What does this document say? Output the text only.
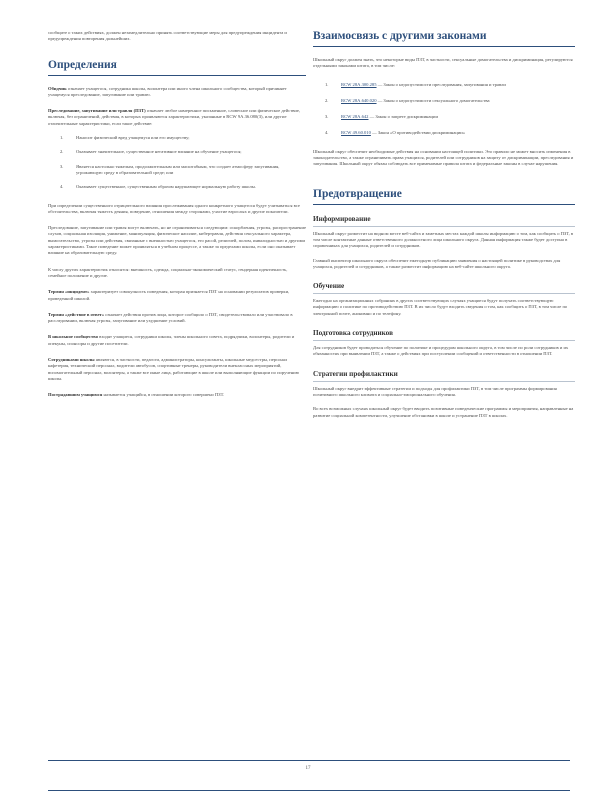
сообщите о таких действиях, должен незамедлительно принять соответствующие меры для предупреждения инцидента и предупреждения повторения дальнейших.

Определения

Обидчик означает учащегося, сотрудника школы, волонтера или иного члена школьного сообщества, который причиняет учащемуся преследование, запугивание или травлю.

Преследование, запугивание или травля (ПЗТ) означает любое намеренное письменное, словесное или физическое действие, включая, без ограничений, действия, в которых проявляются характеристики, указанные в RCW 9A.36.080(3), или другие отличительные характеристики, если такое действие:

1.	Наносит физический вред учащемуся или его имуществу;
2.	Оказывает значительное, существенное негативное влияние на обучение учащегося;
3.	Является настолько тяжелым, продолжительным или масштабным, что создает атмосферу запугивания, угрожающую среду в образовательной среде; или
4.	Оказывает существенное, существенным образом нарушающее нормальную работу школы.

При определении существенного отрицательного влияния прослеживания одного конкретного учащегося будут учитываться все обстоятельства, включая тяжесть деяния, поведение, отношения между сторонами, участие взрослых и другие показатели.

Преследование, запугивание или травля могут включать, но не ограничиваться следующим: оскорбления, угрозы, распространение слухов, социальная изоляция, унижение, манипуляция, физическое насилие, кибертравля, действия сексуального характера, вымогательство, угрозы или действия, связанные с внешностью учащегося, его расой, религией, полом, инвалидностью и другими характеристиками. Такое поведение может проявляться в учебном процессе, а также за пределами школы, если оно оказывает влияние на образовательную среду.

К числу других характеристик относятся: внешность, одежда, социально-экономический статус, гендерная идентичность, семейное положение и другие.

Термин «инцидент» характеризует совокупность поведения, которая признается ПЗТ на основании результатов проверки, проведенной школой.

Термин «действие в ответ» означает действия против лица, которое сообщило о ПЗТ, свидетельствовало или участвовало в расследовании, включая угрозы, запугивание или ухудшение условий.

В школьное сообщество входят учащиеся, сотрудники школы, члены школьного совета, подрядчики, волонтеры, родители и опекуны, спонсоры и другие посетители.

Сотрудниками школы являются, в частности, педагоги, администраторы, консультанты, школьные медсестры, персонал кафетерия, технический персонал, водители автобусов, спортивные тренеры, руководители внеклассных мероприятий, вспомогательный персонал, волонтеры, а также все иные лица, работающие в школе или выполняющие функции по поручению школы.

Пострадавшим учащимся называется учащийся, в отношении которого совершено ПЗТ.

Взаимосвязь с другими законами

Школьный округ должен знать, что некоторые виды ПЗТ, в частности, сексуальные домогательства и дискриминация, регулируются отдельными законами штата, в том числе:

1.	RCW 28A.300.285 — Закон о недопустимости преследования, запугивания и травли
2.	RCW 28A.640.020 — Закон о недопустимости сексуального домогательства
3.	RCW 28A.642 — Закон о запрете дискриминации
4.	RCW 49.60.010 — Закон «О противодействии дискриминации»

Школьный округ обеспечит необходимые действия на основании настоящей политики. Это правило не может вносить изменения в законодательство, а также ограничивать права учащихся, родителей или сотрудников на защиту от дискриминации, преследования и запугивания. Школьный округ обязан соблюдать все применимые правила штата и федеральные законы в случае нарушения.

Предотвращение
Информирование

Школьный округ разместит на видном месте веб-сайта и заметных местах каждой школы информацию о том, как сообщить о ПЗТ, в том числе контактные данные ответственного должностного лица школьного округа. Данная информация также будет доступна в справочниках для учащихся, родителей и сотрудников.

Главный инспектор школьного округа обеспечит ежегодную публикацию заявления о настоящей политике в руководствах для учащихся, родителей и сотрудников, а также разместит информацию на веб-сайте школьного округа.

Обучение

Ежегодно на организационных собраниях в других соответствующих случаях учащиеся будут получать соответствующую информацию о политике по противодействию ПЗТ. В их число будут входить сведения о том, как сообщить о ПЗТ, в том числе по электронной почте, анонимно и по телефону.

Подготовка сотрудников

Для сотрудников будет проводиться обучение по политике и процедурам школьного округа, в том числе по роли сотрудников и их обязанностях при выявлении ПЗТ, а также о действиях при поступлении сообщений и ответственности в отношении ПЗТ.

Стратегии профилактики

Школьный округ внедрит эффективные стратегии и подходы для профилактики ПЗТ, в том числе программы формирования позитивного школьного климата и социально-эмоционального обучения.

Во всех возможных случаях школьный округ будет вводить позитивные поведенческие программы и мероприятия, направленные на развитие социальной компетентности, улучшение обстановки в школе и устранение ПЗТ в школах.

17
